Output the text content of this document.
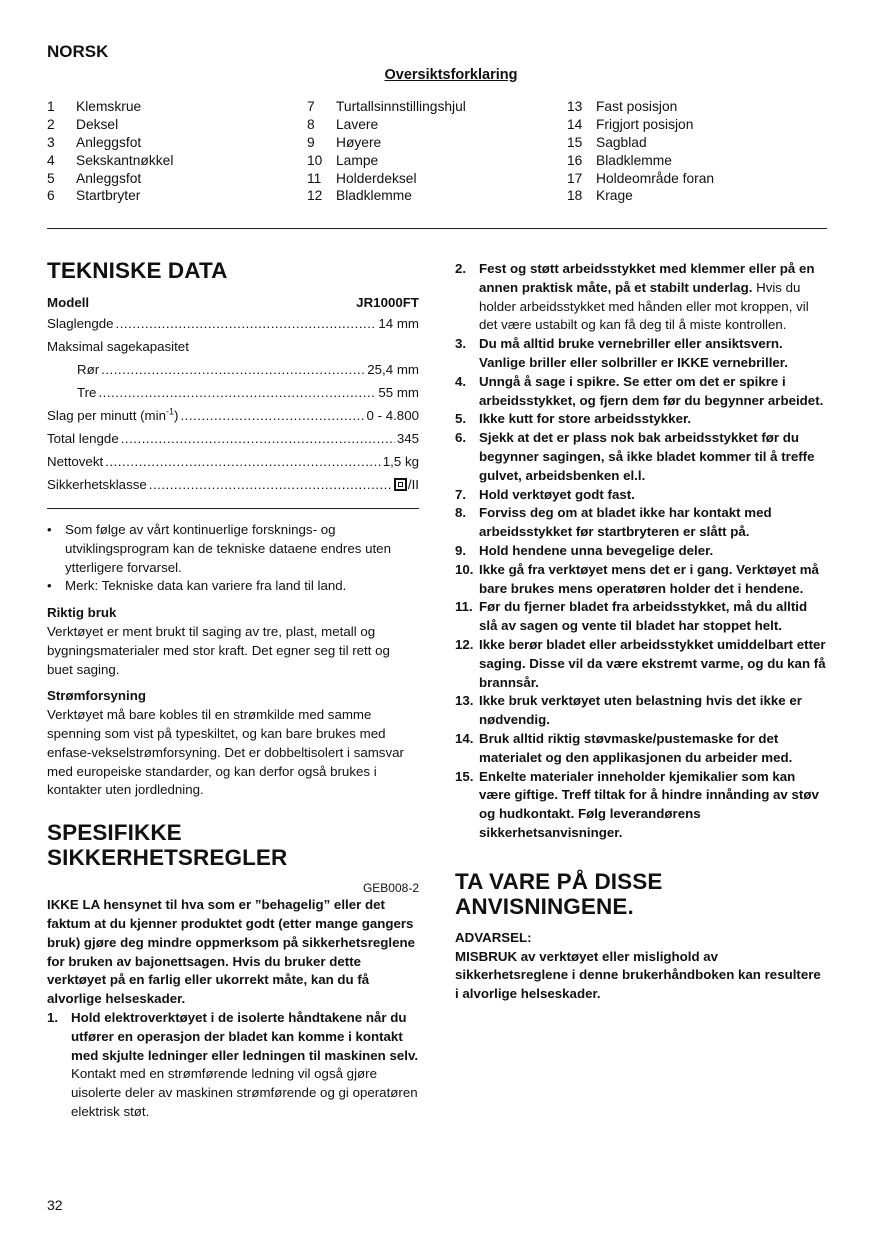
NORSK
Oversiktsforklaring
1	Klemskrue
2	Deksel
3	Anleggsfot
4	Sekskantnøkkel
5	Anleggsfot
6	Startbryter
7	Turtallsinnstillingshjul
8	Lavere
9	Høyere
10 Lampe
11	Holderdeksel
12 Bladklemme
13 Fast posisjon
14 Frigjort posisjon
15 Sagblad
16 Bladklemme
17 Holdeområde foran
18 Krage
TEKNISKE DATA
Modell	JR1000FT
Slaglengde .....	14 mm
Maksimal sagekapasitet
Rør .....	25,4 mm
Tre .....	55 mm
Slag per minutt $(\min^{-1})$ .....	0 - 4.800
Total lengde .....	345
Nettovekt .....	1,5 kg
Sikkerhetsklasse .....	/II
•	Som følge av vårt kontinuerlige forsknings- og utviklingsprogram kan de tekniske dataene endres uten ytterligere forvarsel.
•	Merk: Tekniske data kan variere fra land til land.
Riktig bruk
Verktøyet er ment brukt til saging av tre, plast, metall og bygningsmaterialer med stor kraft. Det egner seg til rett og buet saging.
Strømforsyning
Verktøyet må bare kobles til en strømkilde med samme spenning som vist på typeskiltet, og kan bare brukes med enfase-vekselstrømforsyning. Det er dobbeltisolert i samsvar med europeiske standarder, og kan derfor også brukes i kontakter uten jordledning.
SPESIFIKKE
SIKKERHETSREGLER
GEB008-2
IKKE LA hensynet til hva som er ”behagelig” eller det faktum at du kjenner produktet godt (etter mange gangers bruk) gjøre deg mindre oppmerksom på sikkerhetsreglene for bruken av bajonettsagen. Hvis du bruker dette verktøyet på en farlig eller ukorrekt måte, kan du få alvorlige helseskader.
1. Hold elektroverktøyet i de isolerte håndtakene når du utfører en operasjon der bladet kan komme i kontakt med skjulte ledninger eller ledningen til maskinen selv. Kontakt med en strømførende ledning vil også gjøre uisolerte deler av maskinen strømførende og gi operatøren elektrisk støt.
2. Fest og støtt arbeidsstykket med klemmer eller på en annen praktisk måte, på et stabilt underlag. Hvis du holder arbeidsstykket med hånden eller mot kroppen, vil det være ustabilt og kan få deg til å miste kontrollen.
3. Du må alltid bruke vernebriller eller ansiktsvern. Vanlige briller eller solbriller er IKKE vernebriller.
4. Unngå å sage i spikre. Se etter om det er spikre i arbeidsstykket, og fjern dem før du begynner arbeidet.
5. Ikke kutt for store arbeidsstykker.
6. Sjekk at det er plass nok bak arbeidsstykket før du begynner sagingen, så ikke bladet kommer til å treffe gulvet, arbeidsbenken el.l.
7. Hold verktøyet godt fast.
8. Forviss deg om at bladet ikke har kontakt med arbeidsstykket før startbryteren er slått på.
9. Hold hendene unna bevegelige deler.
10. Ikke gå fra verktøyet mens det er i gang. Verktøyet må bare brukes mens operatøren holder det i hendene.
11. Før du fjerner bladet fra arbeidsstykket, må du alltid slå av sagen og vente til bladet har stoppet helt.
12. Ikke berør bladet eller arbeidsstykket umiddelbart etter saging. Disse vil da være ekstremt varme, og du kan få brannsår.
13. Ikke bruk verktøyet uten belastning hvis det ikke er nødvendig.
14. Bruk alltid riktig støvmaske/pustemaske for det materialet og den applikasjonen du arbeider med.
15. Enkelte materialer inneholder kjemikalier som kan være giftige. Treff tiltak for å hindre innånding av støv og hudkontakt. Følg leverandørens sikkerhetsanvisninger.
TA VARE PÅ DISSE
ANVISNINGENE.
ADVARSEL:
MISBRUK av verktøyet eller mislighold av sikkerhetsreglene i denne brukerhåndboken kan resultere i alvorlige helseskader.
32
